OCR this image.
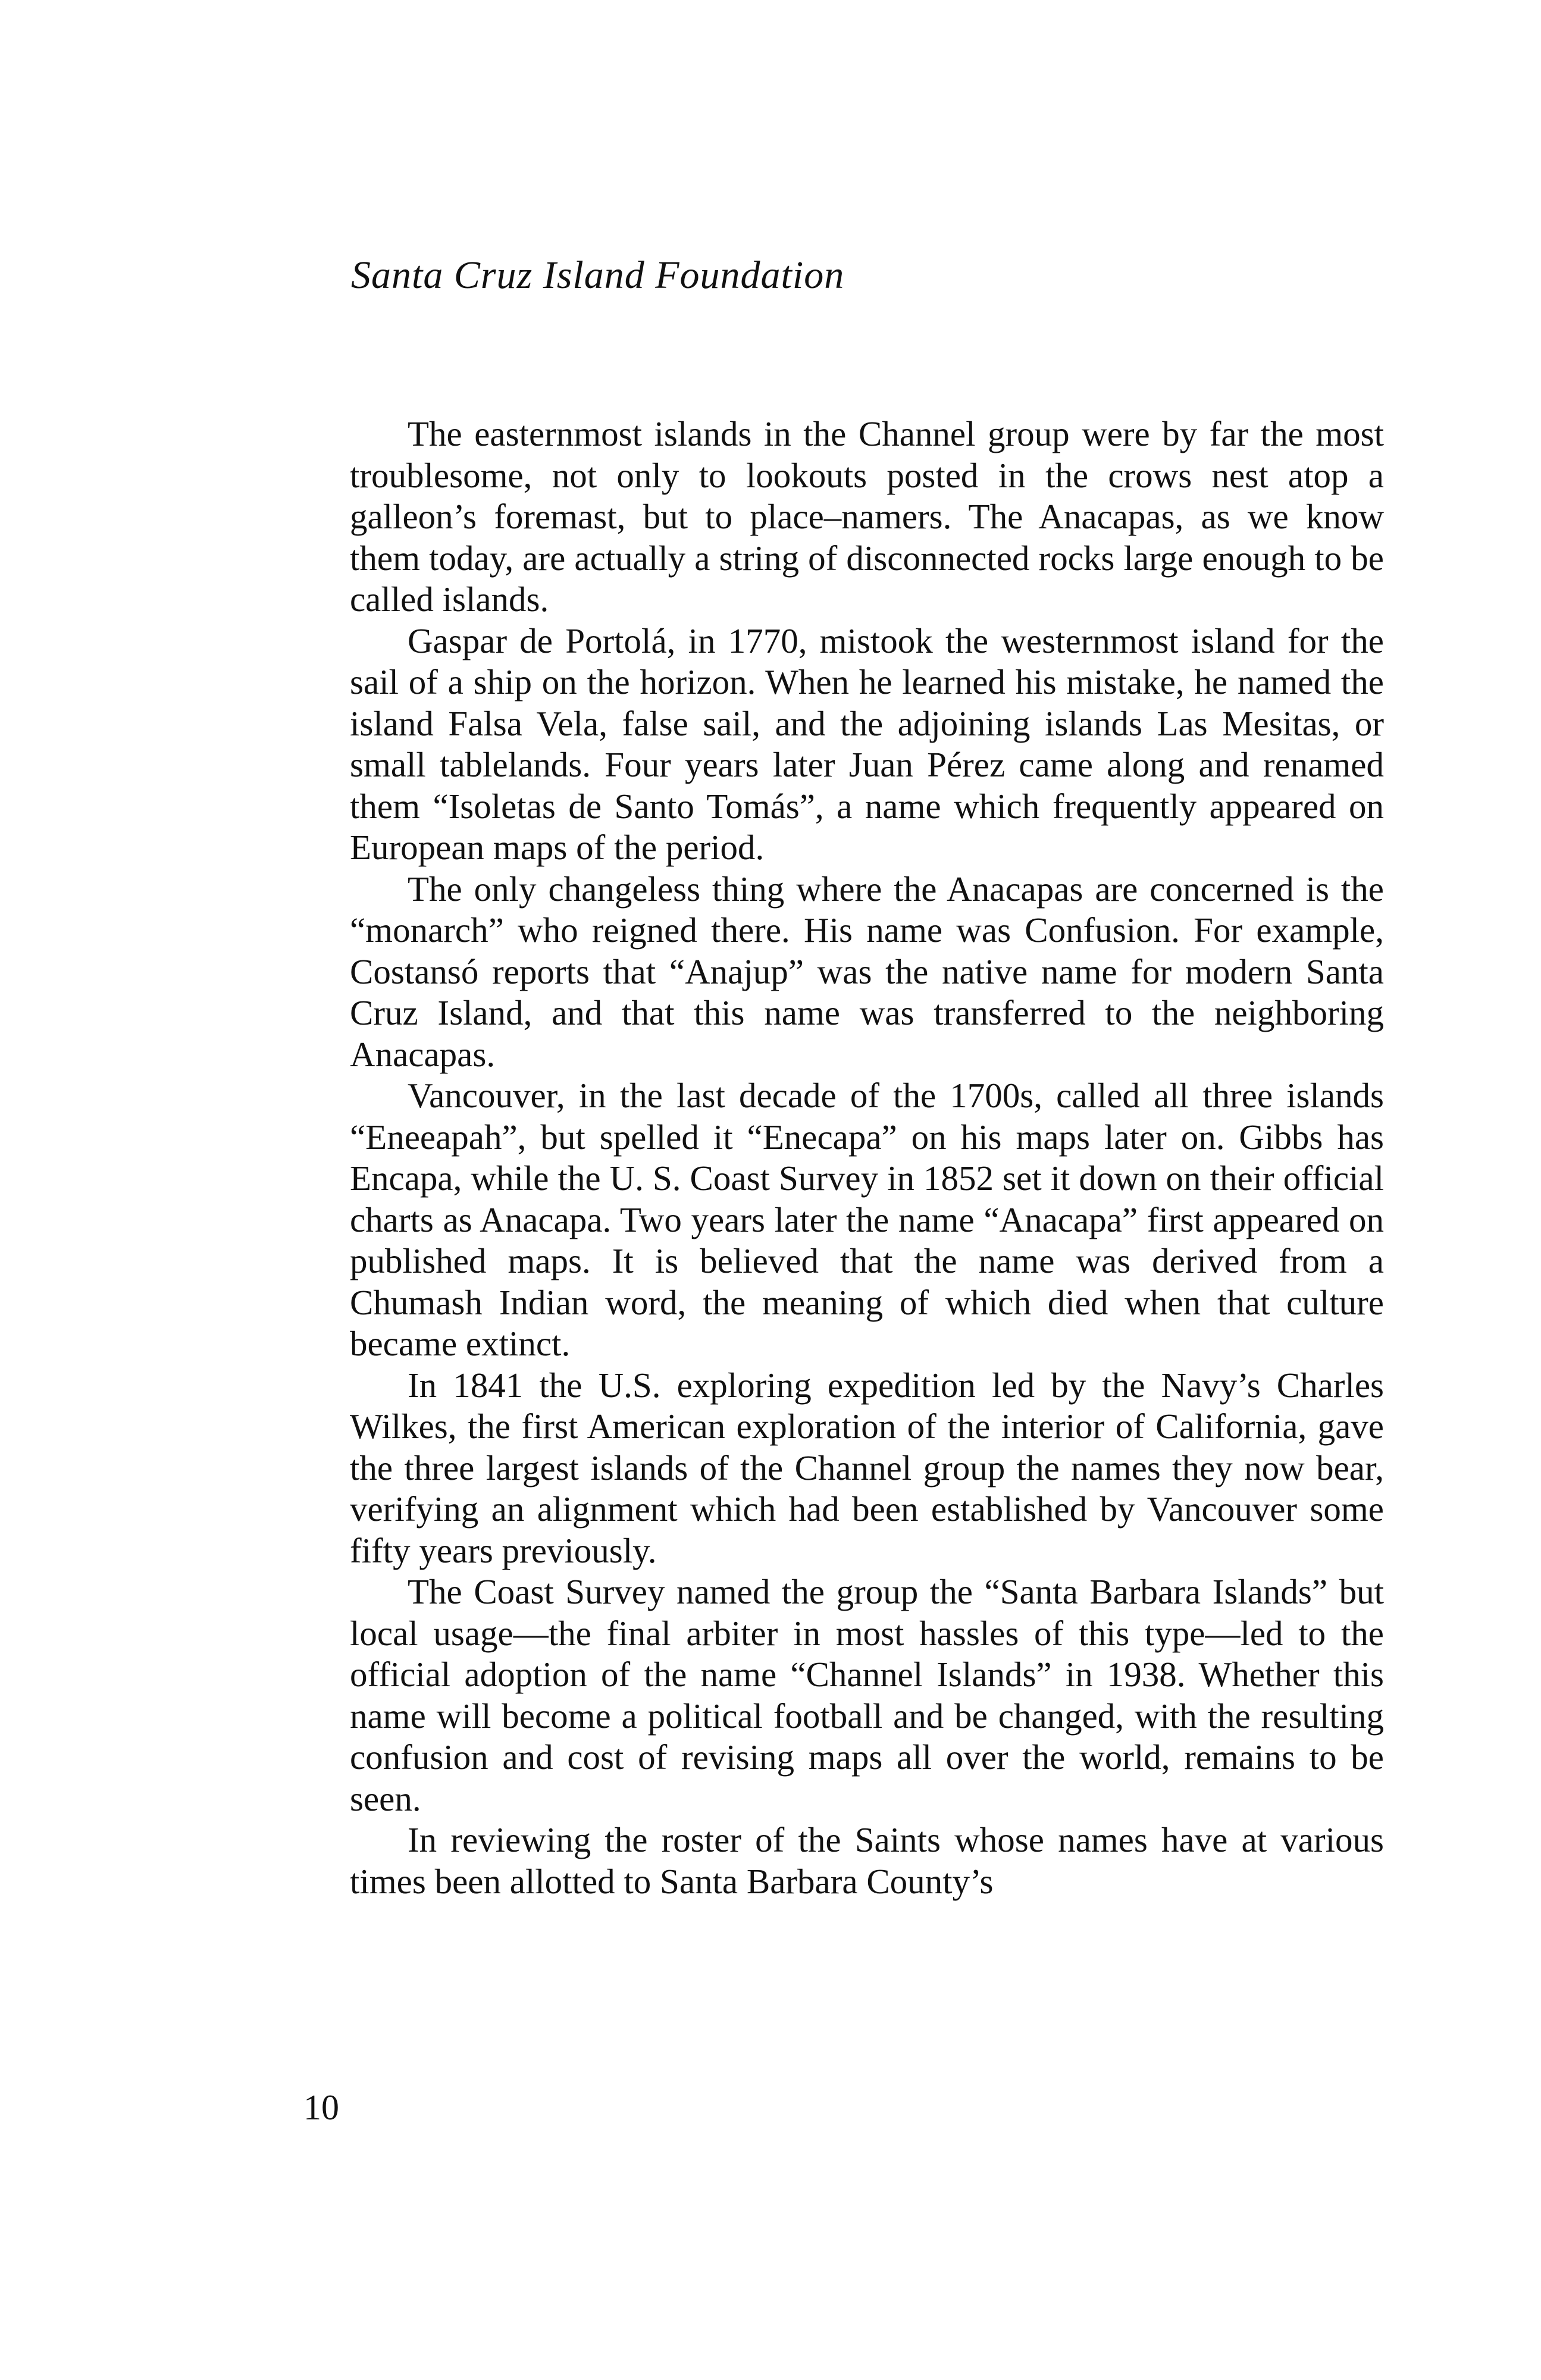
Santa Cruz Island Foundation

The easternmost islands in the Channel group were by far the most troublesome, not only to lookouts posted in the crows nest atop a galleon’s foremast, but to place–namers. The Anacapas, as we know them today, are actually a string of disconnected rocks large enough to be called islands.

Gaspar de Portolá, in 1770, mistook the westernmost island for the sail of a ship on the horizon. When he learned his mistake, he named the island Falsa Vela, false sail, and the adjoining islands Las Mesitas, or small tablelands. Four years later Juan Pérez came along and renamed them “Isoletas de Santo Tomás”, a name which frequently appeared on European maps of the period.

The only changeless thing where the Anacapas are concerned is the “monarch” who reigned there. His name was Confusion. For example, Costansó reports that “Anajup” was the native name for modern Santa Cruz Island, and that this name was transferred to the neighboring Anacapas.

Vancouver, in the last decade of the 1700s, called all three islands “Eneeapah”, but spelled it “Enecapa” on his maps later on. Gibbs has Encapa, while the U. S. Coast Survey in 1852 set it down on their official charts as Anacapa. Two years later the name “Anacapa” first appeared on published maps. It is believed that the name was derived from a Chumash Indian word, the meaning of which died when that culture became extinct.

In 1841 the U.S. exploring expedition led by the Navy’s Charles Wilkes, the first American exploration of the interior of California, gave the three largest islands of the Channel group the names they now bear, verifying an alignment which had been established by Vancouver some fifty years previously.

The Coast Survey named the group the “Santa Barbara Islands” but local usage—the final arbiter in most hassles of this type—led to the official adoption of the name “Channel Islands” in 1938. Whether this name will become a political football and be changed, with the resulting confusion and cost of revising maps all over the world, remains to be seen.

In reviewing the roster of the Saints whose names have at various times been allotted to Santa Barbara County’s

10
